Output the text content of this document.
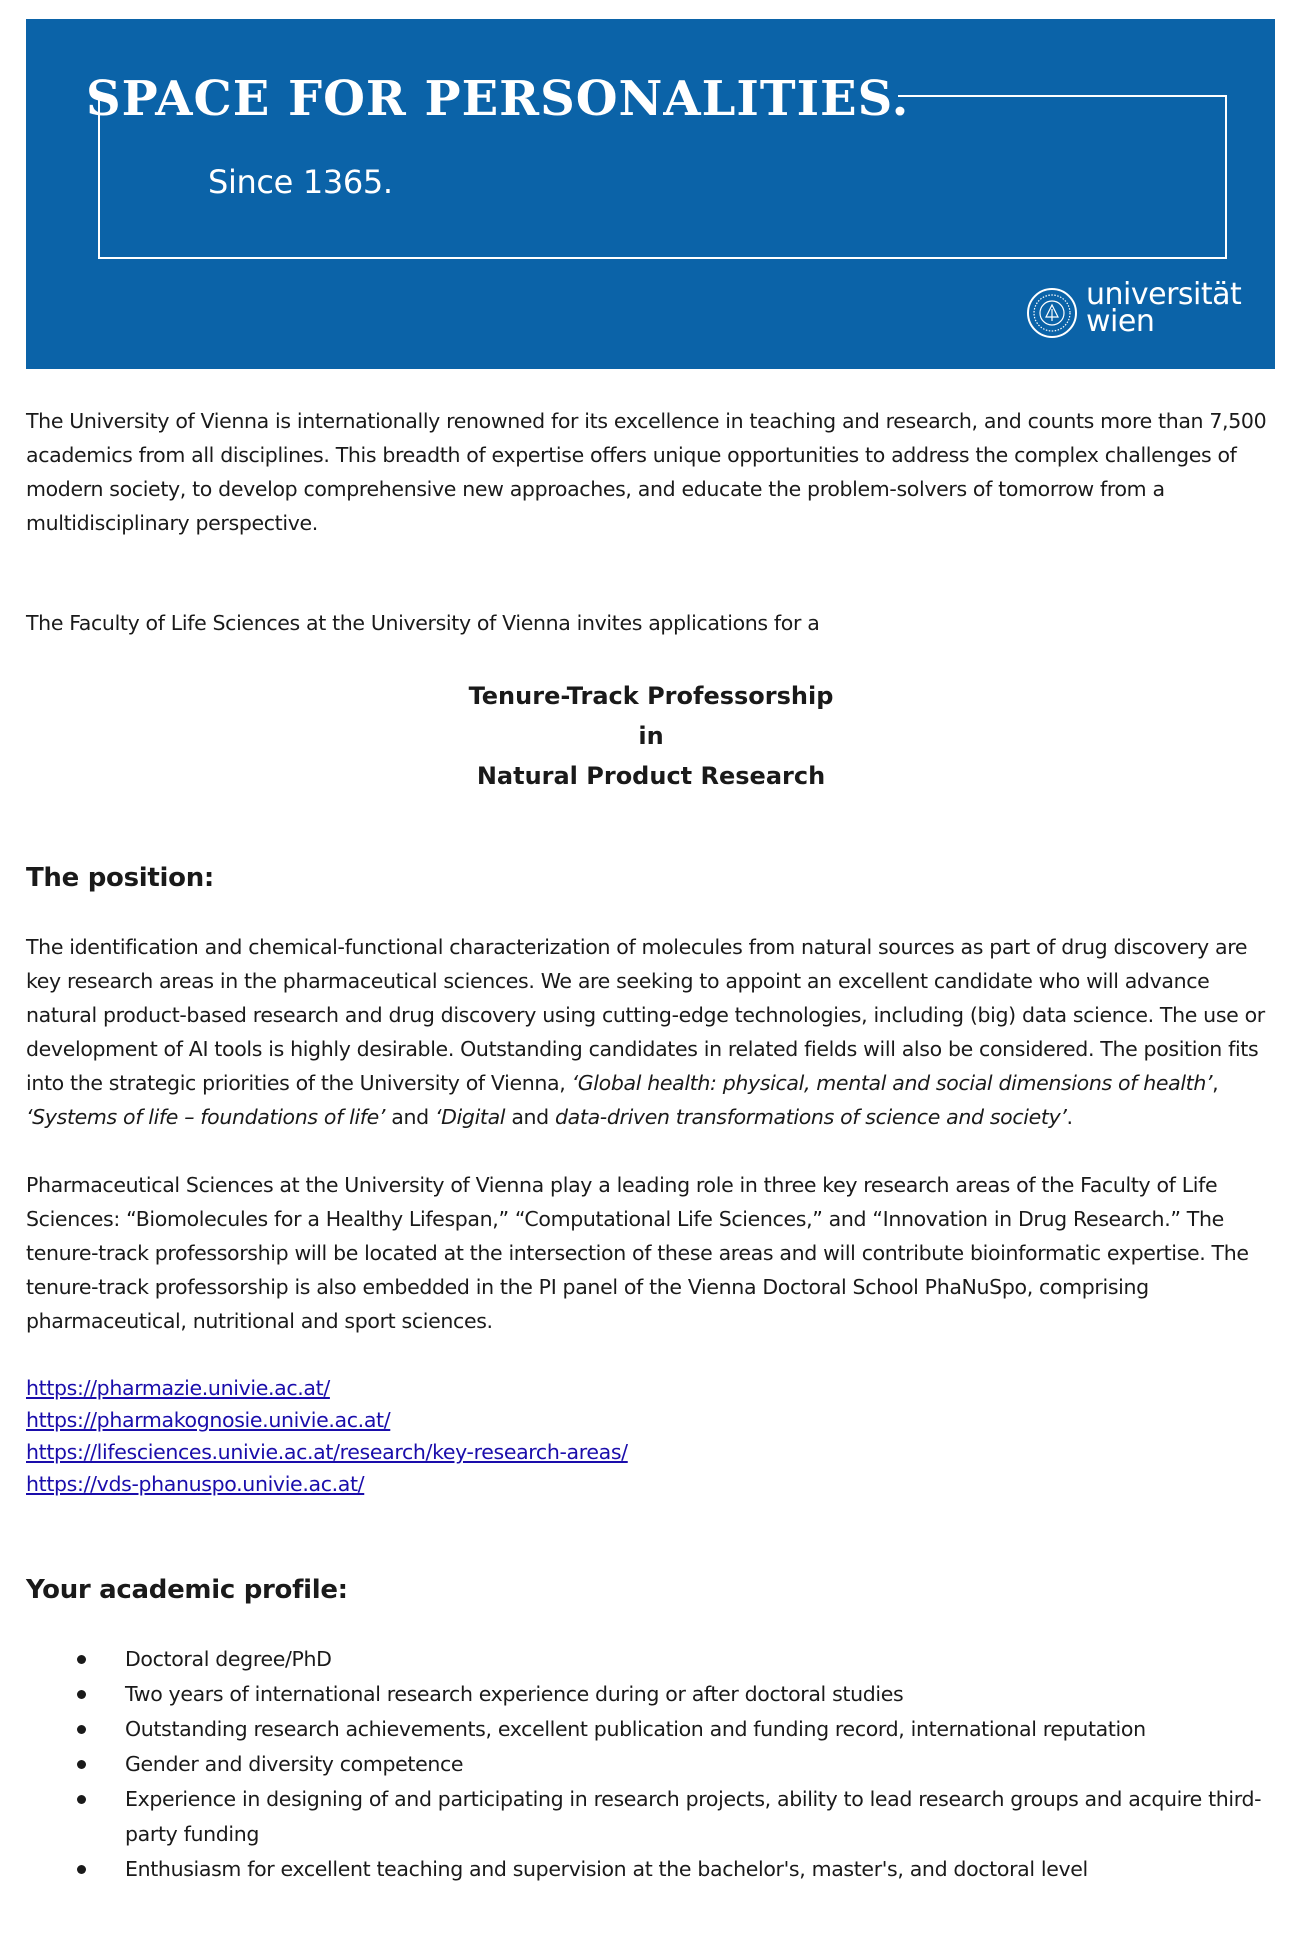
SPACE FOR PERSONALITIES.

Since 1365.

universität
wien

The University of Vienna is internationally renowned for its excellence in teaching and research, and counts more than 7,500 academics from all disciplines. This breadth of expertise offers unique opportunities to address the complex challenges of modern society, to develop comprehensive new approaches, and educate the problem-solvers of tomorrow from a multidisciplinary perspective.

The Faculty of Life Sciences at the University of Vienna invites applications for a

Tenure-Track Professorship
in
Natural Product Research
The position:

The identification and chemical-functional characterization of molecules from natural sources as part of drug discovery are key research areas in the pharmaceutical sciences. We are seeking to appoint an excellent candidate who will advance natural product-based research and drug discovery using cutting-edge technologies, including (big) data science. The use or development of AI tools is highly desirable. Outstanding candidates in related fields will also be considered. The position fits into the strategic priorities of the University of Vienna, ‘Global health: physical, mental and social dimensions of health’, ‘Systems of life – foundations of life’ and ‘Digital and data-driven transformations of science and society’.

Pharmaceutical Sciences at the University of Vienna play a leading role in three key research areas of the Faculty of Life Sciences: “Biomolecules for a Healthy Lifespan,” “Computational Life Sciences,” and “Innovation in Drug Research.” The tenure-track professorship will be located at the intersection of these areas and will contribute bioinformatic expertise. The tenure-track professorship is also embedded in the PI panel of the Vienna Doctoral School PhaNuSpo, comprising pharmaceutical, nutritional and sport sciences.

https://pharmazie.univie.ac.at/
https://pharmakognosie.univie.ac.at/
https://lifesciences.univie.ac.at/research/key-research-areas/
https://vds-phanuspo.univie.ac.at/
Your academic profile:
Doctoral degree/PhD
Two years of international research experience during or after doctoral studies
Outstanding research achievements, excellent publication and funding record, international reputation
Gender and diversity competence
Experience in designing of and participating in research projects, ability to lead research groups and acquire third-party funding
Enthusiasm for excellent teaching and supervision at the bachelor's, master's, and doctoral level
